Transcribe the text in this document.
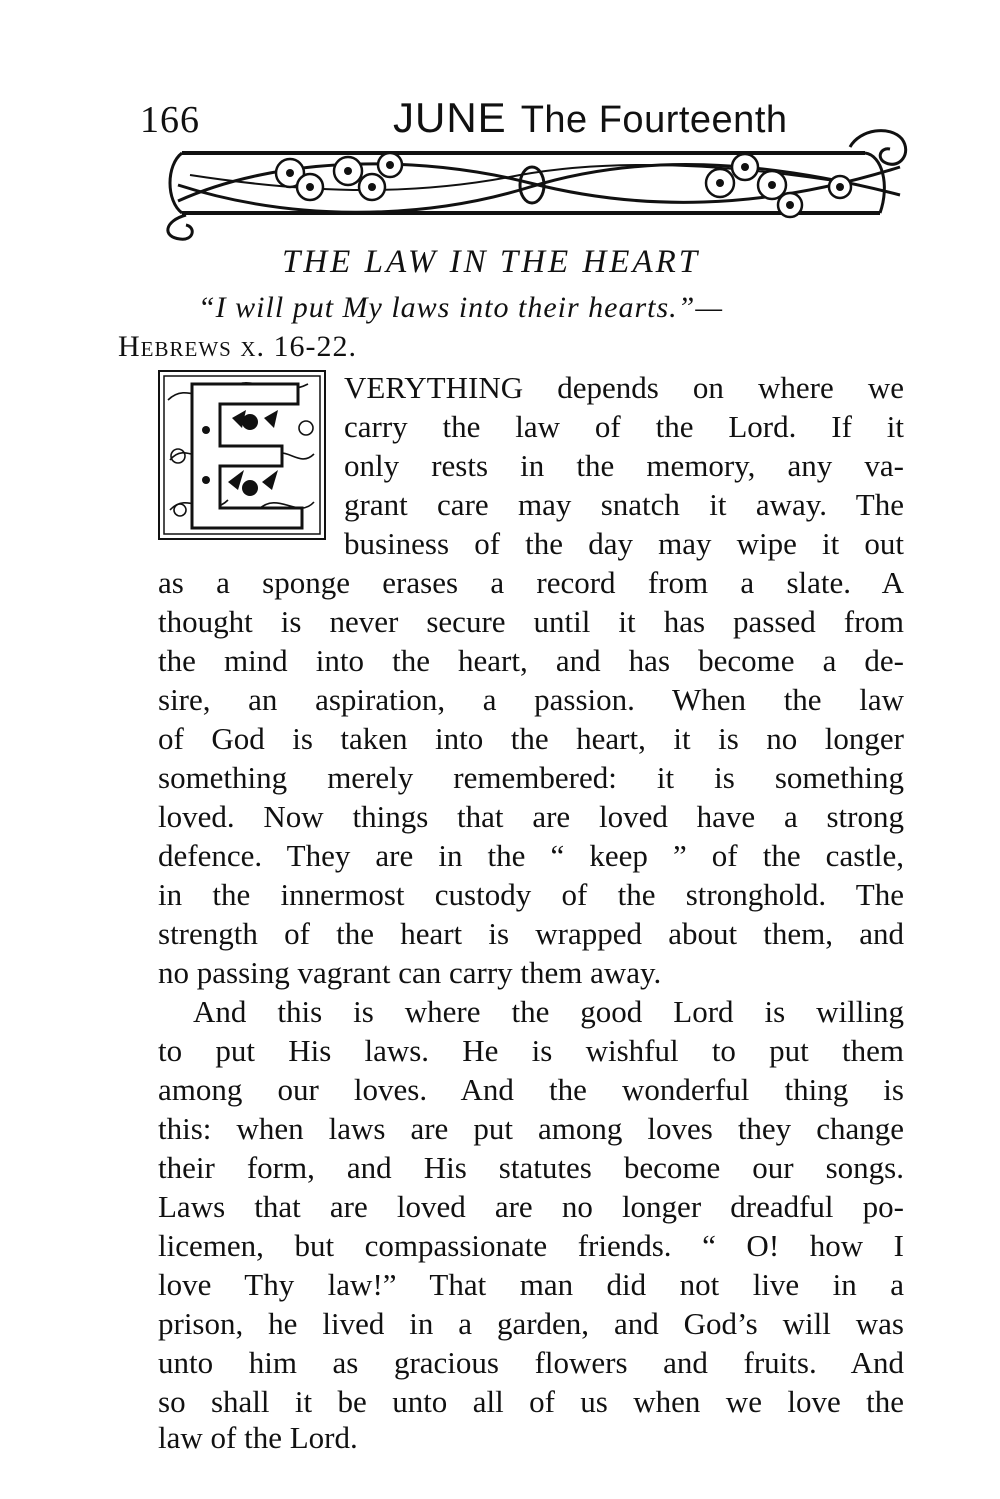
166	JUNE The Fourteenth
THE LAW IN THE HEART
“I will put My laws into their hearts.”—
Hebrews x. 16-22.
E
VERYTHING depends on where we
carry the law of the Lord. If it
only rests in the memory, any va-
grant care may snatch it away. The
business of the day may wipe it out
as a sponge erases a record from a slate. A
thought is never secure until it has passed from
the mind into the heart, and has become a de-
sire, an aspiration, a passion. When the law
of God is taken into the heart, it is no longer
something merely remembered: it is something
loved. Now things that are loved have a strong
defence. They are in the “ keep ” of the castle,
in the innermost custody of the stronghold. The
strength of the heart is wrapped about them, and
no passing vagrant can carry them away.
And this is where the good Lord is willing
to put His laws. He is wishful to put them
among our loves. And the wonderful thing is
this: when laws are put among loves they change
their form, and His statutes become our songs.
Laws that are loved are no longer dreadful po-
licemen, but compassionate friends. “ O! how I
love Thy law!” That man did not live in a
prison, he lived in a garden, and God’s will was
unto him as gracious flowers and fruits. And
so shall it be unto all of us when we love the
law of the Lord.
